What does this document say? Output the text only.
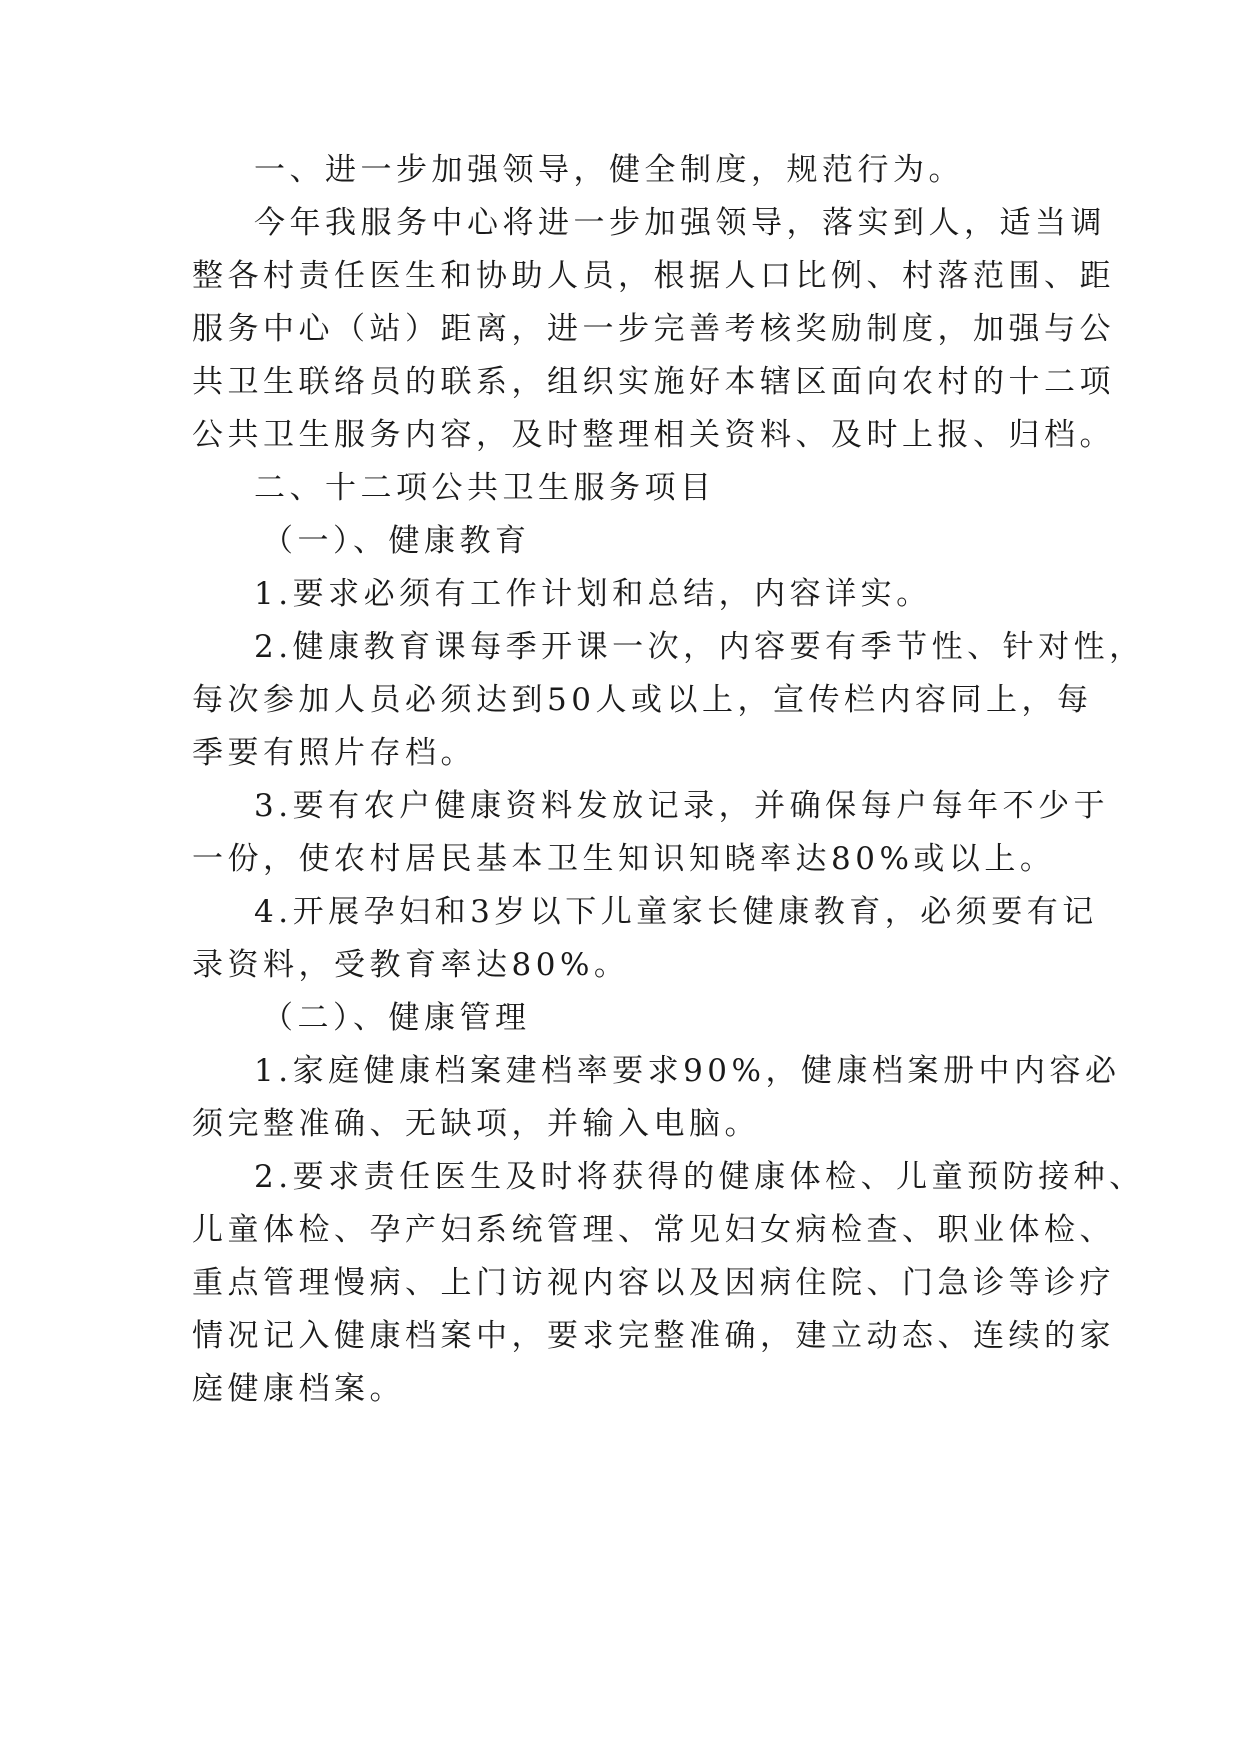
一、进一步加强领导，健全制度，规范行为。
今年我服务中心将进一步加强领导，落实到人，适当调
整各村责任医生和协助人员，根据人口比例、村落范围、距
服务中心（站）距离，进一步完善考核奖励制度，加强与公
共卫生联络员的联系，组织实施好本辖区面向农村的十二项
公共卫生服务内容，及时整理相关资料、及时上报、归档。
二、十二项公共卫生服务项目
（一）、健康教育
1.要求必须有工作计划和总结，内容详实。
2.健康教育课每季开课一次，内容要有季节性、针对性，
每次参加人员必须达到50人或以上，宣传栏内容同上，每
季要有照片存档。
3.要有农户健康资料发放记录，并确保每户每年不少于
一份，使农村居民基本卫生知识知晓率达80%或以上。
4.开展孕妇和3岁以下儿童家长健康教育，必须要有记
录资料，受教育率达80%。
（二）、健康管理
1.家庭健康档案建档率要求90%，健康档案册中内容必
须完整准确、无缺项，并输入电脑。
2.要求责任医生及时将获得的健康体检、儿童预防接种、
儿童体检、孕产妇系统管理、常见妇女病检查、职业体检、
重点管理慢病、上门访视内容以及因病住院、门急诊等诊疗
情况记入健康档案中，要求完整准确，建立动态、连续的家
庭健康档案。
